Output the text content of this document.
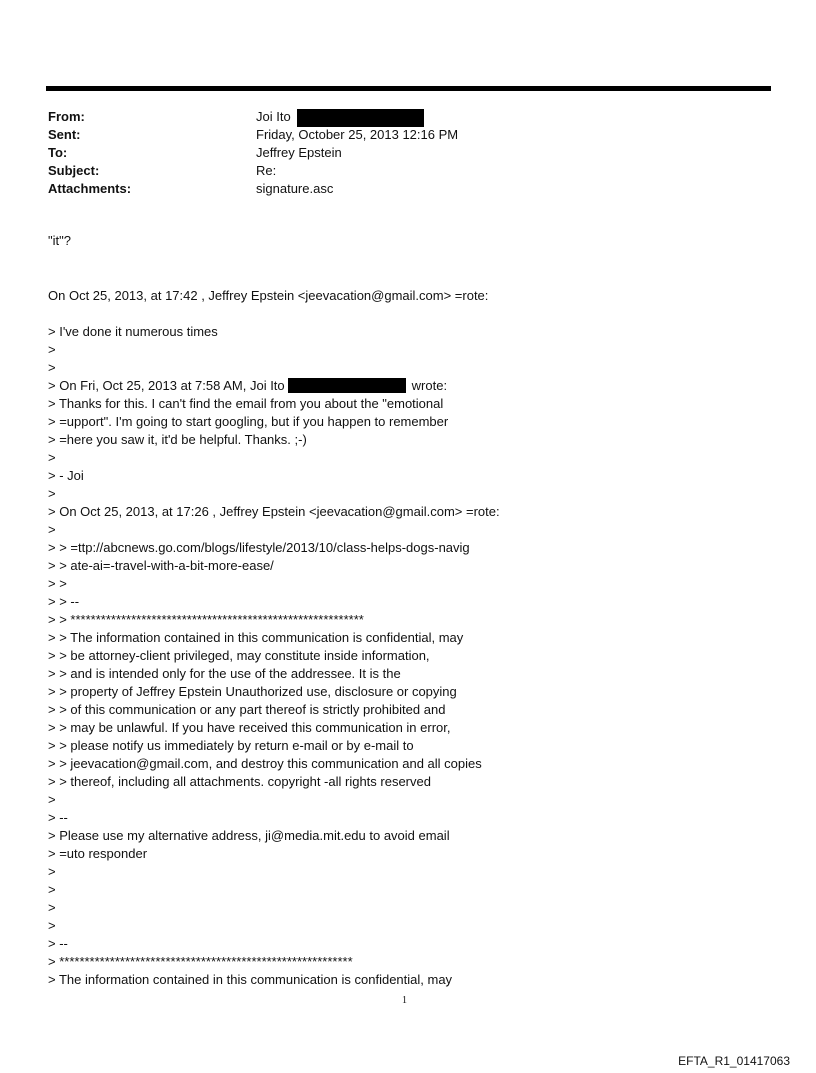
From:	Joi Ito
Sent:	Friday, October 25, 2013 12:16 PM
To:	Jeffrey Epstein
Subject:	Re:
Attachments:	signature.asc
"it"?
On Oct 25, 2013, at 17:42 , Jeffrey Epstein <jeevacation@gmail.com> =rote:
> I've done it numerous times
>
>
> On Fri, Oct 25, 2013 at 7:58 AM, Joi Ito	wrote:
> Thanks for this. I can't find the email from you about the "emotional
> =upport". I'm going to start googling, but if you happen to remember
> =here you saw it, it'd be helpful. Thanks. ;-)
>
> - Joi
>
> On Oct 25, 2013, at 17:26 , Jeffrey Epstein <jeevacation@gmail.com> =rote:
>
> > =ttp://abcnews.go.com/blogs/lifestyle/2013/10/class-helps-dogs-navig
> > ate-ai=-travel-with-a-bit-more-ease/
> >
> > --
> > **********************************************************
> > The information contained in this communication is confidential, may
> > be attorney-client privileged, may constitute inside information,
> > and is intended only for the use of the addressee. It is the
> > property of Jeffrey Epstein Unauthorized use, disclosure or copying
> > of this communication or any part thereof is strictly prohibited and
> > may be unlawful. If you have received this communication in error,
> > please notify us immediately by return e-mail or by e-mail to
> > jeevacation@gmail.com, and destroy this communication and all copies
> > thereof, including all attachments. copyright -all rights reserved
>
> --
> Please use my alternative address, ji@media.mit.edu to avoid email
> =uto responder
>
>
>
>
> --
> **********************************************************
> The information contained in this communication is confidential, may
1
EFTA_R1_01417063
